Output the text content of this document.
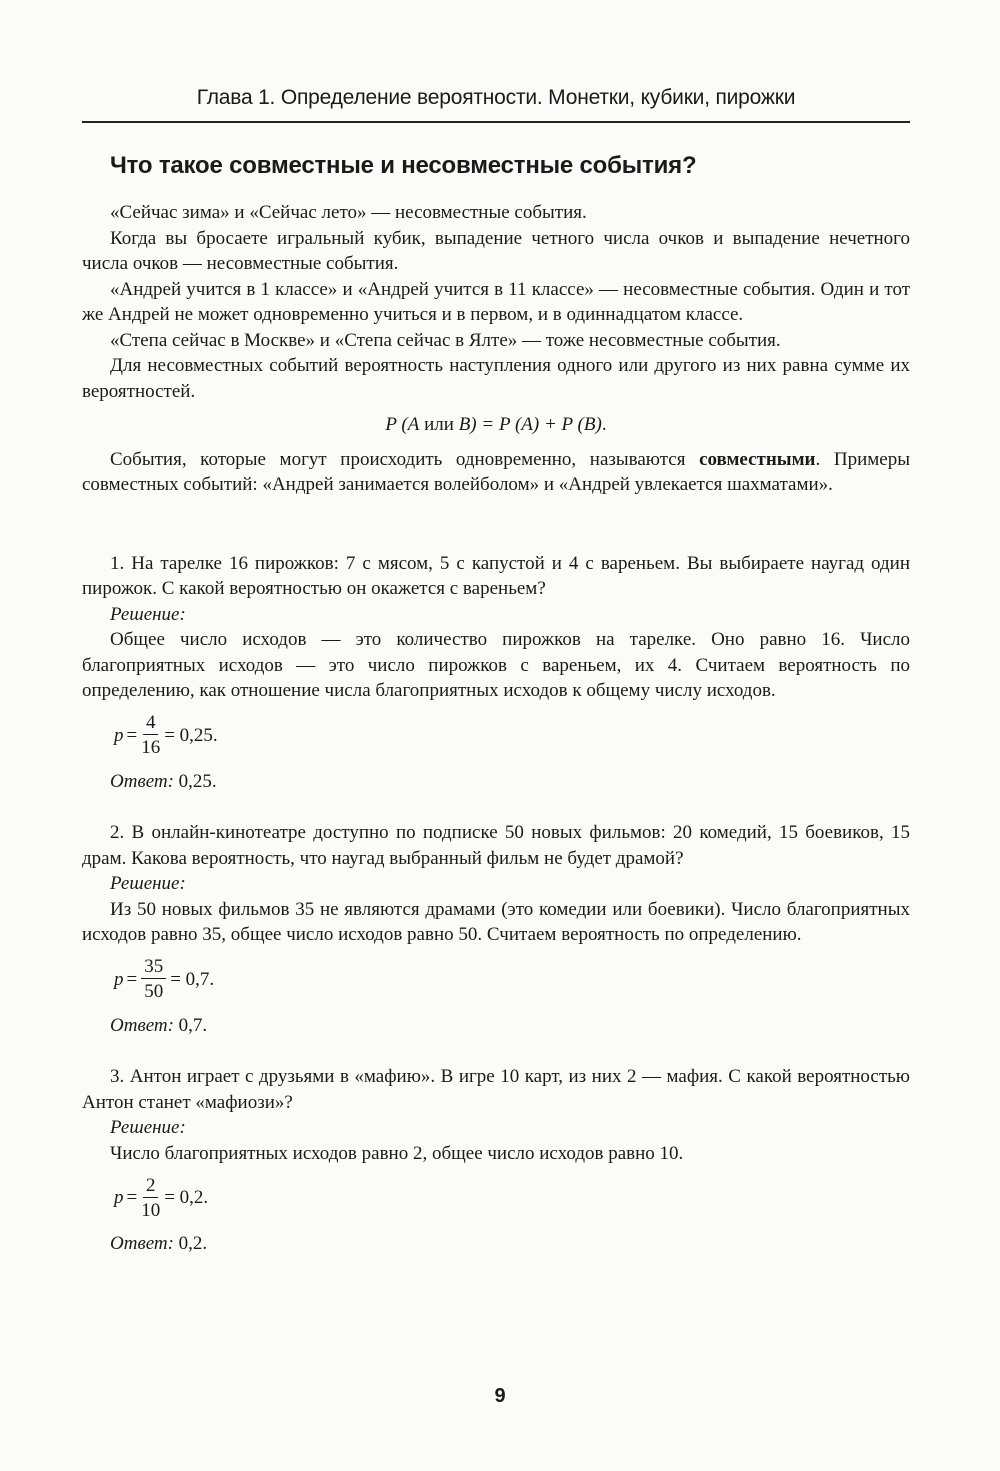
Глава 1. Определение вероятности. Монетки, кубики, пирожки
Что такое совместные и несовместные события?

«Сейчас зима» и «Сейчас лето» — несовместные события.

Когда вы бросаете игральный кубик, выпадение четного числа очков и выпадение нечетного числа очков — несовместные события.

«Андрей учится в 1 классе» и «Андрей учится в 11 классе» — несовместные события. Один и тот же Андрей не может одновременно учиться и в первом, и в одиннадцатом классе.

«Степа сейчас в Москве» и «Степа сейчас в Ялте» — тоже несовместные события.

Для несовместных событий вероятность наступления одного или другого из них равна сумме их вероятностей.

P (A или B) = P (A) + P (B).

События, которые могут происходить одновременно, называются совместными. Примеры совместных событий: «Андрей занимается волейболом» и «Андрей увлекается шахматами».

1. На тарелке 16 пирожков: 7 с мясом, 5 с капустой и 4 с вареньем. Вы выбираете наугад один пирожок. С какой вероятностью он окажется с вареньем?

Решение:

Общее число исходов — это количество пирожков на тарелке. Оно равно 16. Число благоприятных исходов — это число пирожков с вареньем, их 4. Считаем вероятность по определению, как отношение числа благоприятных исходов к общему числу исходов.

$p = \frac{4}{16} = 0,25$.

Ответ: 0,25.

2. В онлайн-кинотеатре доступно по подписке 50 новых фильмов: 20 комедий, 15 боевиков, 15 драм. Какова вероятность, что наугад выбранный фильм не будет драмой?

Решение:

Из 50 новых фильмов 35 не являются драмами (это комедии или боевики). Число благоприятных исходов равно 35, общее число исходов равно 50. Считаем вероятность по определению.

$p = \frac{35}{50} = 0,7$.

Ответ: 0,7.

3. Антон играет с друзьями в «мафию». В игре 10 карт, из них 2 — мафия. С какой вероятностью Антон станет «мафиози»?

Решение:

Число благоприятных исходов равно 2, общее число исходов равно 10.

$p = \frac{2}{10} = 0,2$.

Ответ: 0,2.

9
